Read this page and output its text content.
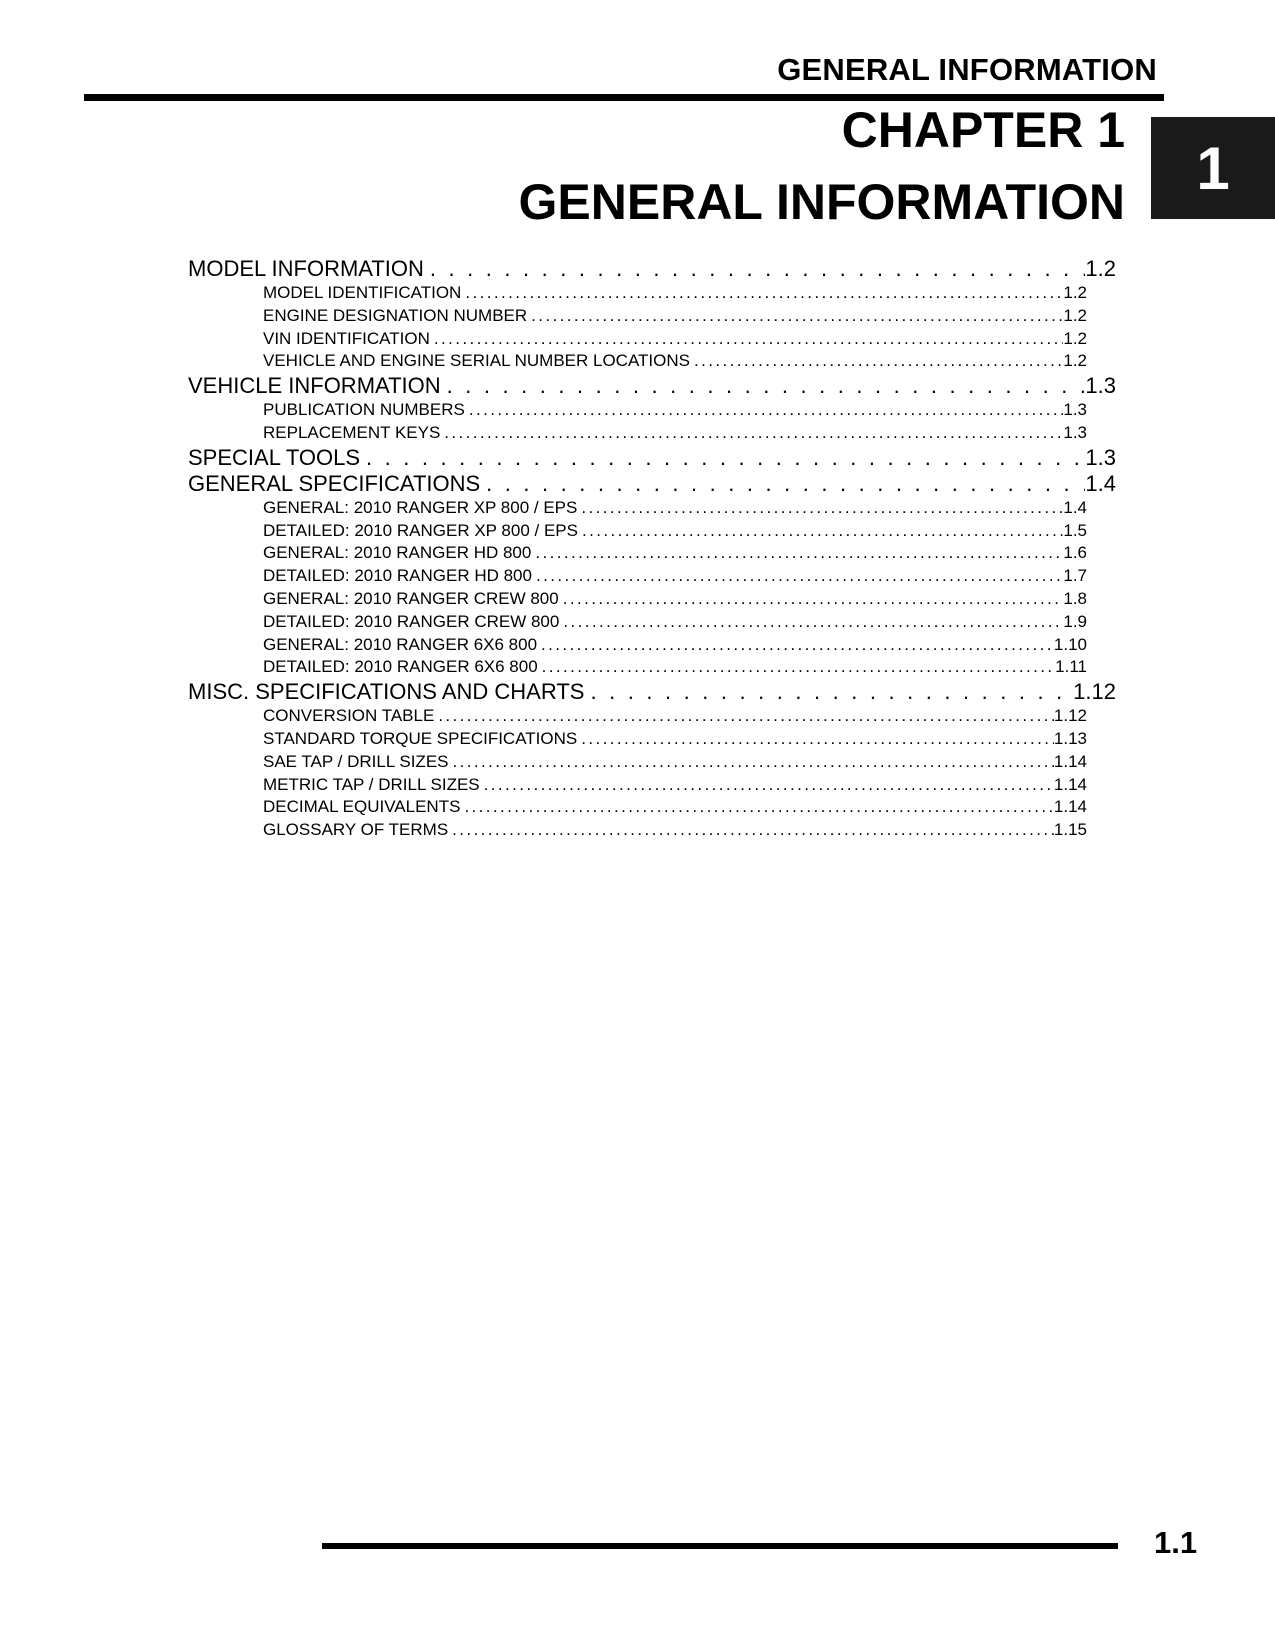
GENERAL INFORMATION
CHAPTER 1
GENERAL INFORMATION
1
MODEL INFORMATION . . .	1.2
MODEL IDENTIFICATION .....	1.2
ENGINE DESIGNATION NUMBER .....	1.2
VIN IDENTIFICATION .....	1.2
VEHICLE AND ENGINE SERIAL NUMBER LOCATIONS .....	1.2
VEHICLE INFORMATION . . .	1.3
PUBLICATION NUMBERS .....	1.3
REPLACEMENT KEYS .....	1.3
SPECIAL TOOLS . . .	1.3
GENERAL SPECIFICATIONS . . .	1.4
GENERAL: 2010 RANGER XP 800 / EPS .....	1.4
DETAILED: 2010 RANGER XP 800 / EPS .....	1.5
GENERAL: 2010 RANGER HD 800 .....	1.6
DETAILED: 2010 RANGER HD 800 .....	1.7
GENERAL: 2010 RANGER CREW 800 .....	1.8
DETAILED: 2010 RANGER CREW 800 .....	1.9
GENERAL: 2010 RANGER 6X6 800 .....	1.10
DETAILED: 2010 RANGER 6X6 800 .....	1.11
MISC. SPECIFICATIONS AND CHARTS . . .	1.12
CONVERSION TABLE .....	1.12
STANDARD TORQUE SPECIFICATIONS .....	1.13
SAE TAP / DRILL SIZES .....	1.14
METRIC TAP / DRILL SIZES .....	1.14
DECIMAL EQUIVALENTS .....	1.14
GLOSSARY OF TERMS .....	1.15
1.1
